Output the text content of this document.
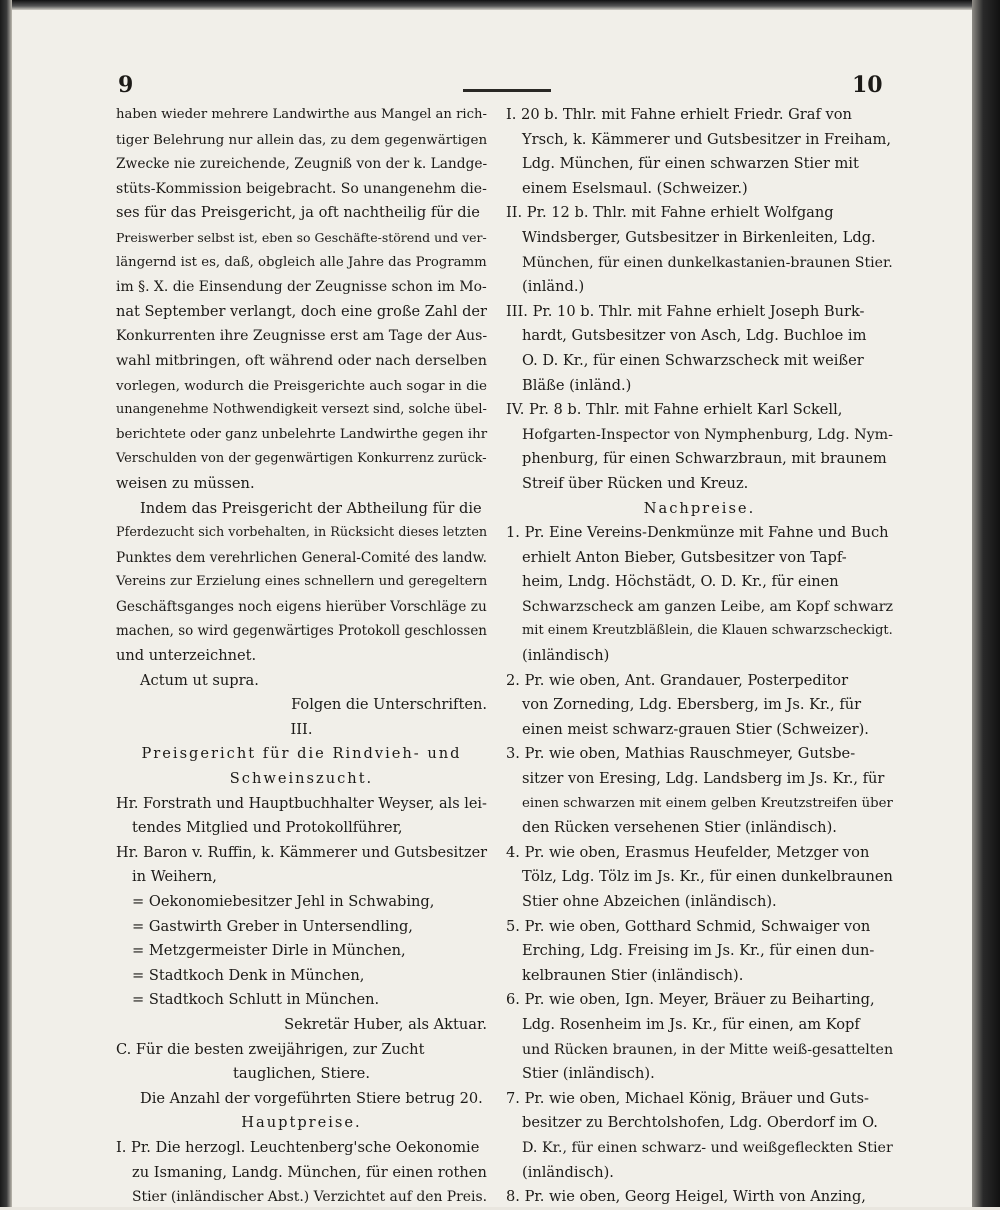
9	10
haben wieder mehrere Landwirthe aus Mangel an rich-
tiger Belehrung nur allein das, zu dem gegenwärtigen
Zwecke nie zureichende, Zeugniß von der k. Landge-
stüts-Kommission beigebracht. So unangenehm die-
ses für das Preisgericht, ja oft nachtheilig für die
Preiswerber selbst ist, eben so Geschäfte-störend und ver-
längernd ist es, daß, obgleich alle Jahre das Programm
im §. X. die Einsendung der Zeugnisse schon im Mo-
nat September verlangt, doch eine große Zahl der
Konkurrenten ihre Zeugnisse erst am Tage der Aus-
wahl mitbringen, oft während oder nach derselben
vorlegen, wodurch die Preisgerichte auch sogar in die
unangenehme Nothwendigkeit versezt sind, solche übel-
berichtete oder ganz unbelehrte Landwirthe gegen ihr
Verschulden von der gegenwärtigen Konkurrenz zurück-
weisen zu müssen.
Indem das Preisgericht der Abtheilung für die
Pferdezucht sich vorbehalten, in Rücksicht dieses letzten
Punktes dem verehrlichen General-Comité des landw.
Vereins zur Erzielung eines schnellern und geregeltern
Geschäftsganges noch eigens hierüber Vorschläge zu
machen, so wird gegenwärtiges Protokoll geschlossen
und unterzeichnet.
Actum ut supra.
Folgen die Unterschriften.
III.
Preisgericht für die Rindvieh- und
Schweinszucht.
Hr. Forstrath und Hauptbuchhalter Weyser, als lei-
tendes Mitglied und Protokollführer,
Hr. Baron v. Ruffin, k. Kämmerer und Gutsbesitzer
in Weihern,
= Oekonomiebesitzer Jehl in Schwabing,
= Gastwirth Greber in Untersendling,
= Metzgermeister Dirle in München,
= Stadtkoch Denk in München,
= Stadtkoch Schlutt in München.
Sekretär Huber, als Aktuar.
C. Für die besten zweijährigen, zur Zucht
tauglichen, Stiere.
Die Anzahl der vorgeführten Stiere betrug 20.
Hauptpreise.
I. Pr. Die herzogl. Leuchtenberg'sche Oekonomie
zu Ismaning, Landg. München, für einen rothen
Stier (inländischer Abst.) Verzichtet auf den Preis.
I. 20 b. Thlr. mit Fahne erhielt Friedr. Graf von
Yrsch, k. Kämmerer und Gutsbesitzer in Freiham,
Ldg. München, für einen schwarzen Stier mit
einem Eselsmaul. (Schweizer.)
II. Pr. 12 b. Thlr. mit Fahne erhielt Wolfgang
Windsberger, Gutsbesitzer in Birkenleiten, Ldg.
München, für einen dunkelkastanien-braunen Stier.
(inländ.)
III. Pr. 10 b. Thlr. mit Fahne erhielt Joseph Burk-
hardt, Gutsbesitzer von Asch, Ldg. Buchloe im
O. D. Kr., für einen Schwarzscheck mit weißer
Bläße (inländ.)
IV. Pr. 8 b. Thlr. mit Fahne erhielt Karl Sckell,
Hofgarten-Inspector von Nymphenburg, Ldg. Nym-
phenburg, für einen Schwarzbraun, mit braunem
Streif über Rücken und Kreuz.
Nachpreise.
1. Pr. Eine Vereins-Denkmünze mit Fahne und Buch
erhielt Anton Bieber, Gutsbesitzer von Tapf-
heim, Lndg. Höchstädt, O. D. Kr., für einen
Schwarzscheck am ganzen Leibe, am Kopf schwarz
mit einem Kreutzbläßlein, die Klauen schwarzscheckigt.
(inländisch)
2. Pr. wie oben, Ant. Grandauer, Posterpeditor
von Zorneding, Ldg. Ebersberg, im Js. Kr., für
einen meist schwarz-grauen Stier (Schweizer).
3. Pr. wie oben, Mathias Rauschmeyer, Gutsbe-
sitzer von Eresing, Ldg. Landsberg im Js. Kr., für
einen schwarzen mit einem gelben Kreutzstreifen über
den Rücken versehenen Stier (inländisch).
4. Pr. wie oben, Erasmus Heufelder, Metzger von
Tölz, Ldg. Tölz im Js. Kr., für einen dunkelbraunen
Stier ohne Abzeichen (inländisch).
5. Pr. wie oben, Gotthard Schmid, Schwaiger von
Erching, Ldg. Freising im Js. Kr., für einen dun-
kelbraunen Stier (inländisch).
6. Pr. wie oben, Ign. Meyer, Bräuer zu Beiharting,
Ldg. Rosenheim im Js. Kr., für einen, am Kopf
und Rücken braunen, in der Mitte weiß-gesattelten
Stier (inländisch).
7. Pr. wie oben, Michael König, Bräuer und Guts-
besitzer zu Berchtolshofen, Ldg. Oberdorf im O.
D. Kr., für einen schwarz- und weißgefleckten Stier
(inländisch).
8. Pr. wie oben, Georg Heigel, Wirth von Anzing,
